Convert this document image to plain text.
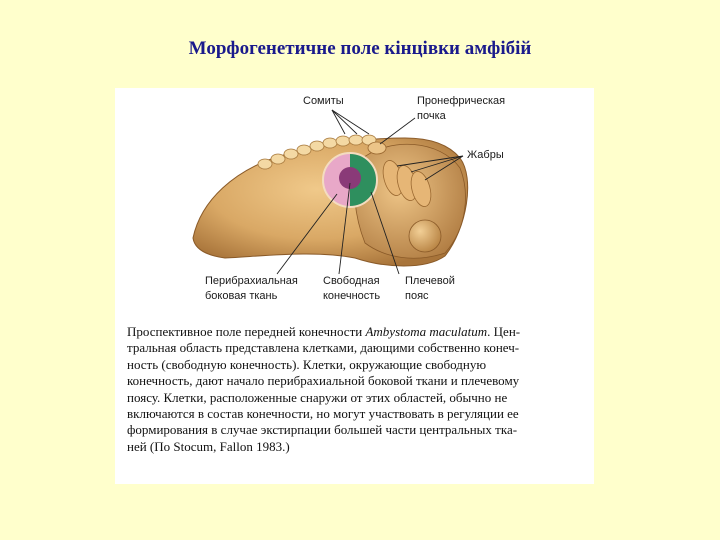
Морфогенетичне поле кінцівки амфібій
Сомиты	Пронефрическая
почка
Жабры
Перибрахиальная
боковая ткань
Свободная
конечность
Плечевой
пояс

Проспективное поле передней конечности Ambystoma maculatum. Цен-

тральная область представлена клетками, дающими собственно конеч-

ность (свободную конечность). Клетки, окружающие свободную

конечность, дают начало перибрахиальной боковой ткани и плечевому

поясу. Клетки, расположенные снаружи от этих областей, обычно не

включаются в состав конечности, но могут участвовать в регуляции ее

формирования в случае экстирпации большей части центральных тка-

ней (По Stocum, Fallon 1983.)
